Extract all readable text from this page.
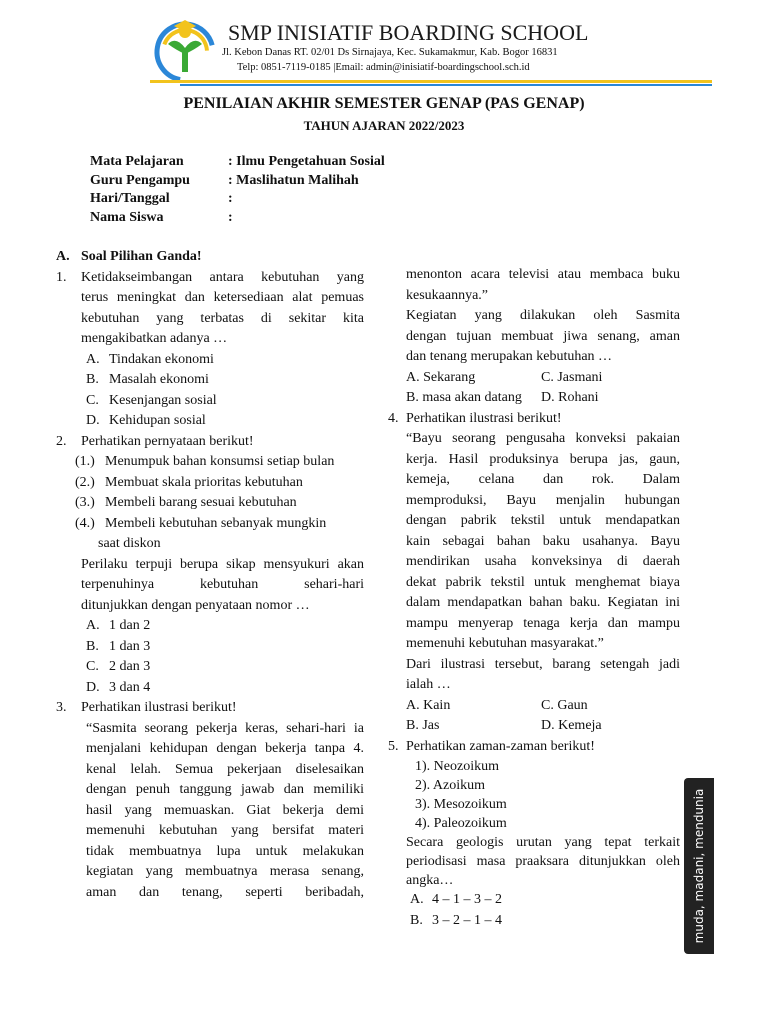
SMP INISIATIF BOARDING SCHOOL
Jl. Kebon Danas RT. 02/01 Ds Sirnajaya, Kec. Sukamakmur, Kab. Bogor 16831
Telp: 0851-7119-0185 |Email: admin@inisiatif-boardingschool.sch.id
PENILAIAN AKHIR SEMESTER GENAP (PAS GENAP)
TAHUN AJARAN 2022/2023
Mata Pelajaran	: Ilmu Pengetahuan Sosial
Guru Pengampu	: Maslihatun Malihah
Hari/Tanggal	:
Nama Siswa	:
A. Soal Pilihan Ganda!
1.	Ketidakseimbangan antara kebutuhan yang
terus meningkat dan ketersediaan alat pemuas
kebutuhan yang terbatas di sekitar kita
mengakibatkan adanya …
A. Tindakan ekonomi
B. Masalah ekonomi
C. Kesenjangan sosial
D. Kehidupan sosial
2.	Perhatikan pernyataan berikut!
(1.) Menumpuk bahan konsumsi setiap bulan
(2.) Membuat skala prioritas kebutuhan
(3.) Membeli barang sesuai kebutuhan
(4.) Membeli kebutuhan sebanyak mungkin
saat diskon
Perilaku terpuji berupa sikap mensyukuri akan
terpenuhinya kebutuhan sehari-hari
ditunjukkan dengan penyataan nomor …
A. 1 dan 2
B. 1 dan 3
C. 2 dan 3
D. 3 dan 4
3.	Perhatikan ilustrasi berikut!
“Sasmita seorang pekerja keras, sehari-hari ia
menjalani kehidupan dengan bekerja tanpa 4.
kenal lelah. Semua pekerjaan diselesaikan
dengan penuh tanggung jawab dan memiliki
hasil yang memuaskan. Giat bekerja demi
memenuhi kebutuhan yang bersifat materi
tidak membuatnya lupa untuk melakukan
kegiatan yang membuatnya merasa senang,
aman dan tenang, seperti beribadah,
menonton acara televisi atau membaca buku
kesukaannya.”
Kegiatan yang dilakukan oleh Sasmita
dengan tujuan membuat jiwa senang, aman
dan tenang merupakan kebutuhan …
A. Sekarang	C. Jasmani
B. masa akan datang	D. Rohani
4. Perhatikan ilustrasi berikut!
“Bayu seorang pengusaha konveksi pakaian
kerja. Hasil produksinya berupa jas, gaun,
kemeja, celana dan rok. Dalam
memproduksi, Bayu menjalin hubungan
dengan pabrik tekstil untuk mendapatkan
kain sebagai bahan baku usahanya. Bayu
mendirikan usaha konveksinya di daerah
dekat pabrik tekstil untuk menghemat biaya
dalam mendapatkan bahan baku. Kegiatan ini
mampu menyerap tenaga kerja dan mampu
memenuhi kebutuhan masyarakat.”
Dari ilustrasi tersebut, barang setengah jadi
ialah …
A. Kain	C. Gaun
B. Jas	D. Kemeja
5. Perhatikan zaman-zaman berikut!
1). Neozoikum
2). Azoikum
3). Mesozoikum
4). Paleozoikum
Secara geologis urutan yang tepat terkait
periodisasi masa praaksara ditunjukkan oleh
angka…
A. 4 – 1 – 3 – 2
B. 3 – 2 – 1 – 4	muda, madani, mendunia
